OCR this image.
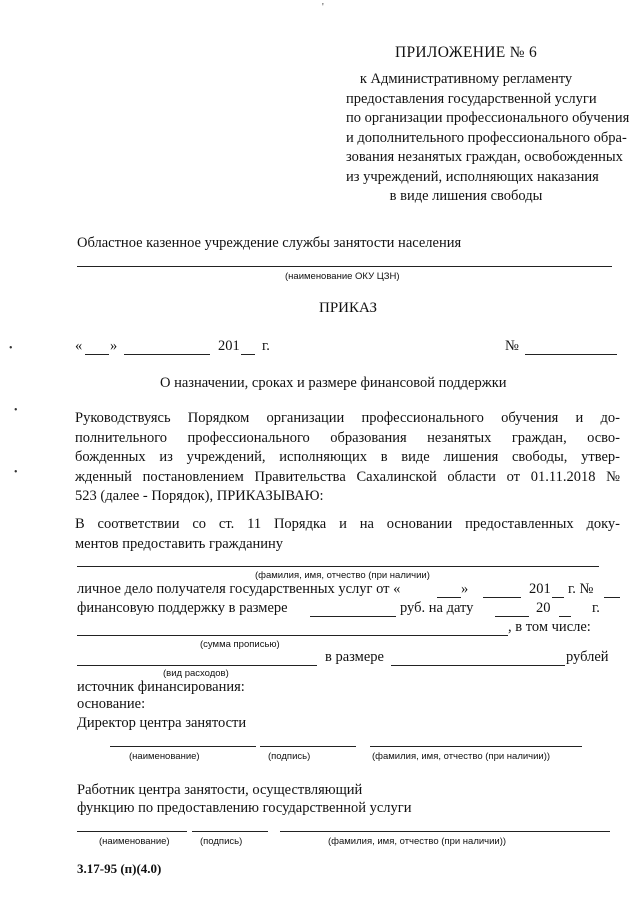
'
•
•
•
ПРИЛОЖЕНИЕ № 6
к Административному регламенту
предоставления государственной услуги
по организации профессионального обучения
и дополнительного профессионального обра-
зования незанятых граждан, освобожденных
из учреждений, исполняющих наказания
в виде лишения свободы
Областное казенное учреждение службы занятости населения
(наименование ОКУ ЦЗН)
ПРИКАЗ
« »	201 г.	№
О назначении, сроках и размере финансовой поддержки
Руководствуясь Порядком организации профессионального обучения и до-
полнительного профессионального образования незанятых граждан, осво-
божденных из учреждений, исполняющих в виде лишения свободы, утвер-
жденный постановлением Правительства Сахалинской области от 01.11.2018 №
523 (далее - Порядок), ПРИКАЗЫВАЮ:
В соответствии со ст. 11 Порядка и на основании предоставленных доку-
ментов предоставить гражданину
(фамилия, имя, отчество (при наличии)
личное дело получателя государственных услуг от «	»	201 г. №
финансовую поддержку в размере	руб. на дату	20	г.
, в том числе:
(сумма прописью)
в размере	рублей
(вид расходов)
источник финансирования:
основание:
Директор центра занятости
(наименование)	(подпись)	(фамилия, имя, отчество (при наличии))
Работник центра занятости, осуществляющий
функцию по предоставлению государственной услуги
(наименование)	(подпись)	(фамилия, имя, отчество (при наличии))
3.17-95 (п)(4.0)
